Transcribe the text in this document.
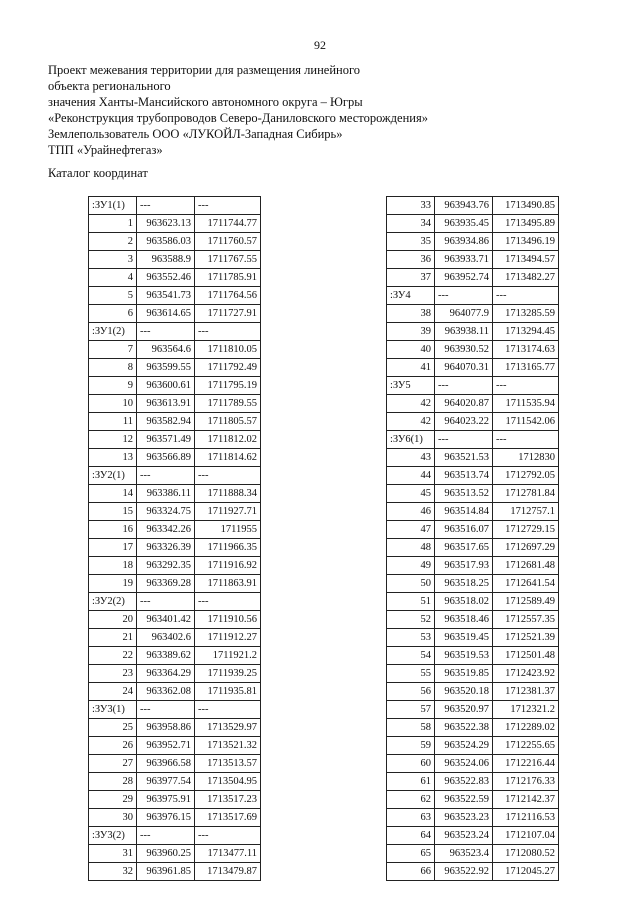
92
Проект межевания территории для размещения линейного
объекта регионального
значения Ханты-Мансийского автономного округа – Югры
«Реконструкция трубопроводов Северо-Даниловского месторождения»
Землепользователь ООО «ЛУКОЙЛ-Западная Сибирь»
ТПП «Урайнефтегаз»
Каталог координат
:ЗУ1(1)	---	---
1	963623.13	1711744.77
2	963586.03	1711760.57
3	963588.9	1711767.55
4	963552.46	1711785.91
5	963541.73	1711764.56
6	963614.65	1711727.91
:ЗУ1(2)	---	---
7	963564.6	1711810.05
8	963599.55	1711792.49
9	963600.61	1711795.19
10	963613.91	1711789.55
11	963582.94	1711805.57
12	963571.49	1711812.02
13	963566.89	1711814.62
:ЗУ2(1)	---	---
14	963386.11	1711888.34
15	963324.75	1711927.71
16	963342.26	1711955
17	963326.39	1711966.35
18	963292.35	1711916.92
19	963369.28	1711863.91
:ЗУ2(2)	---	---
20	963401.42	1711910.56
21	963402.6	1711912.27
22	963389.62	1711921.2
23	963364.29	1711939.25
24	963362.08	1711935.81
:ЗУ3(1)	---	---
25	963958.86	1713529.97
26	963952.71	1713521.32
27	963966.58	1713513.57
28	963977.54	1713504.95
29	963975.91	1713517.23
30	963976.15	1713517.69
:ЗУ3(2)	---	---
31	963960.25	1713477.11
32	963961.85	1713479.87
33	963943.76	1713490.85
34	963935.45	1713495.89
35	963934.86	1713496.19
36	963933.71	1713494.57
37	963952.74	1713482.27
:ЗУ4	---	---
38	964077.9	1713285.59
39	963938.11	1713294.45
40	963930.52	1713174.63
41	964070.31	1713165.77
:ЗУ5	---	---
42	964020.87	1711535.94
42	964023.22	1711542.06
:ЗУ6(1)	---	---
43	963521.53	1712830
44	963513.74	1712792.05
45	963513.52	1712781.84
46	963514.84	1712757.1
47	963516.07	1712729.15
48	963517.65	1712697.29
49	963517.93	1712681.48
50	963518.25	1712641.54
51	963518.02	1712589.49
52	963518.46	1712557.35
53	963519.45	1712521.39
54	963519.53	1712501.48
55	963519.85	1712423.92
56	963520.18	1712381.37
57	963520.97	1712321.2
58	963522.38	1712289.02
59	963524.29	1712255.65
60	963524.06	1712216.44
61	963522.83	1712176.33
62	963522.59	1712142.37
63	963523.23	1712116.53
64	963523.24	1712107.04
65	963523.4	1712080.52
66	963522.92	1712045.27
